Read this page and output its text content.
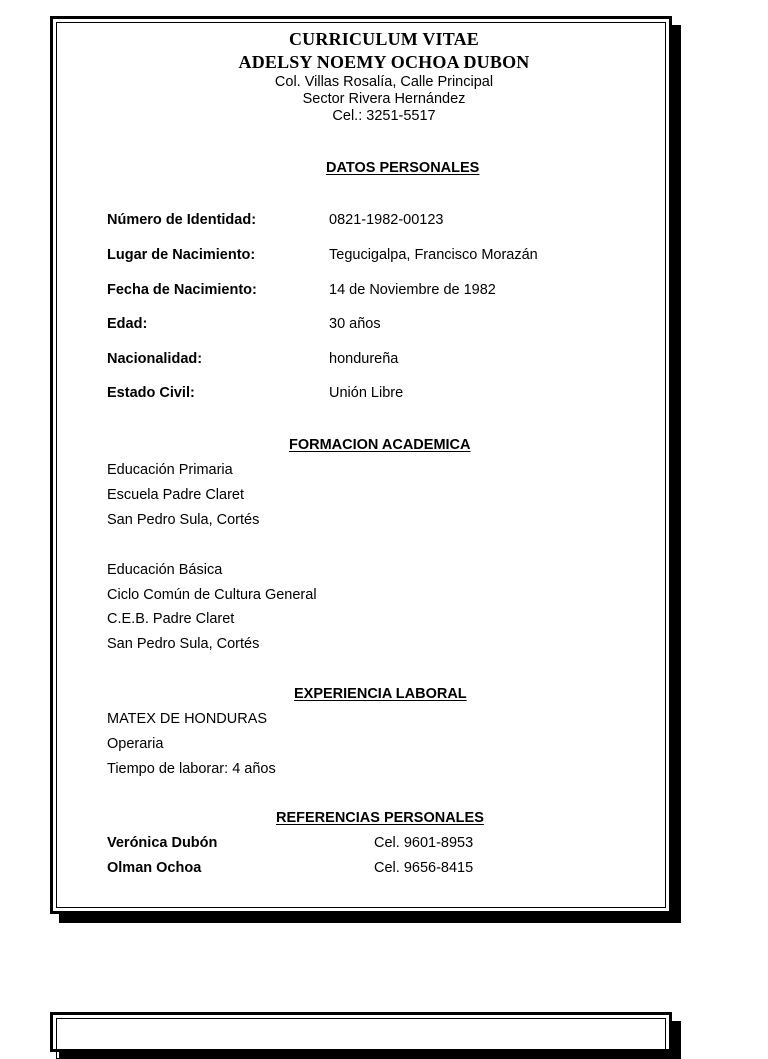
CURRICULUM VITAE
ADELSY NOEMY OCHOA DUBON
Col. Villas Rosalía, Calle Principal
Sector Rivera Hernández
Cel.: 3251-5517
DATOS PERSONALES
Número de Identidad:	0821-1982-00123
Lugar de Nacimiento:	Tegucigalpa, Francisco Morazán
Fecha de Nacimiento:	14 de Noviembre de 1982
Edad:	30 años
Nacionalidad:	hondureña
Estado Civil:	Unión Libre
FORMACION ACADEMICA
Educación Primaria
Escuela Padre Claret
San Pedro Sula, Cortés
Educación Básica
Ciclo Común de Cultura General
C.E.B. Padre Claret
San Pedro Sula, Cortés
EXPERIENCIA LABORAL
MATEX DE HONDURAS
Operaria
Tiempo de laborar: 4 años
REFERENCIAS PERSONALES
Verónica Dubón	Cel. 9601-8953
Olman Ochoa	Cel. 9656-8415
